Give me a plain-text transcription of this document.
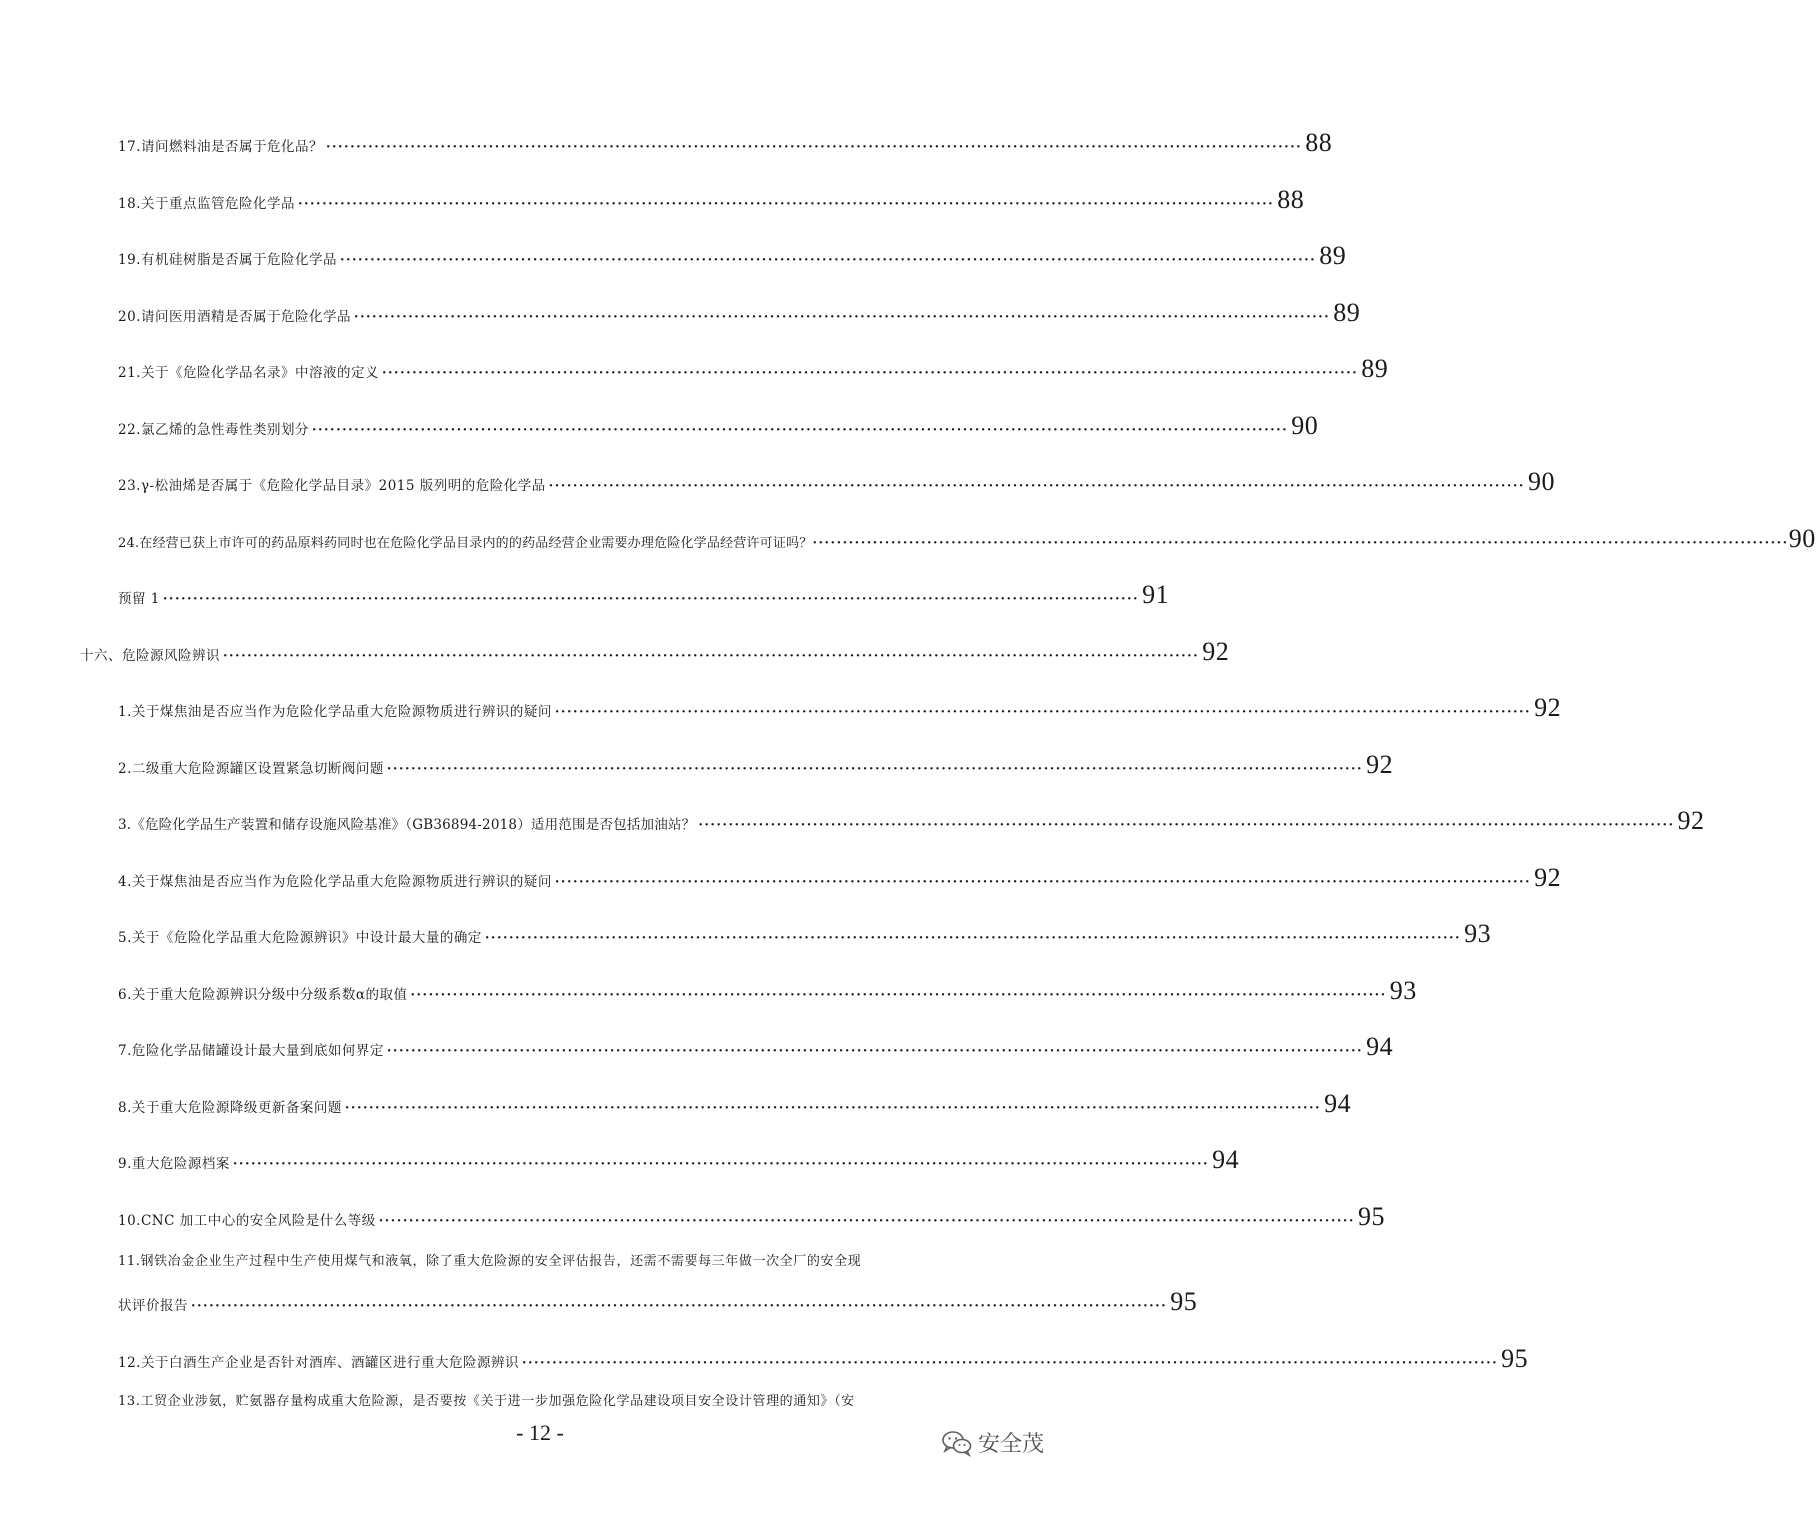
17.请问燃料油是否属于危化品？ ·································································································································································· 88
18.关于重点监管危险化学品 ·································································································································································· 88
19.有机硅树脂是否属于危险化学品 ·································································································································································· 89
20.请问医用酒精是否属于危险化学品 ·································································································································································· 89
21.关于《危险化学品名录》中溶液的定义 ·································································································································································· 89
22.氯乙烯的急性毒性类别划分 ·································································································································································· 90
23.γ-松油烯是否属于《危险化学品目录》2015 版列明的危险化学品 ·································································································································································· 90
24.在经营已获上市许可的药品原料药同时也在危险化学品目录内的的药品经营企业需要办理危险化学品经营许可证吗？ ·································································································································································· 90
预留 1 ·································································································································································· 91
十六、危险源风险辨识 ·································································································································································· 92
1.关于煤焦油是否应当作为危险化学品重大危险源物质进行辨识的疑问 ·································································································································································· 92
2.二级重大危险源罐区设置紧急切断阀问题 ·································································································································································· 92
3.《危险化学品生产装置和储存设施风险基准》（GB36894-2018）适用范围是否包括加油站？ ·································································································································································· 92
4.关于煤焦油是否应当作为危险化学品重大危险源物质进行辨识的疑问 ·································································································································································· 92
5.关于《危险化学品重大危险源辨识》中设计最大量的确定 ·································································································································································· 93
6.关于重大危险源辨识分级中分级系数α的取值 ·································································································································································· 93
7.危险化学品储罐设计最大量到底如何界定 ·································································································································································· 94
8.关于重大危险源降级更新备案问题 ·································································································································································· 94
9.重大危险源档案 ·································································································································································· 94
10.CNC 加工中心的安全风险是什么等级 ·································································································································································· 95
11.钢铁冶金企业生产过程中生产使用煤气和液氧，除了重大危险源的安全评估报告，还需不需要每三年做一次全厂的安全现
状评价报告 ·································································································································································· 95
12.关于白酒生产企业是否针对酒库、酒罐区进行重大危险源辨识 ·································································································································································· 95
13.工贸企业涉氨，贮氨器存量构成重大危险源，是否要按《关于进一步加强危险化学品建设项目安全设计管理的通知》（安
- 12 -	安全茂
